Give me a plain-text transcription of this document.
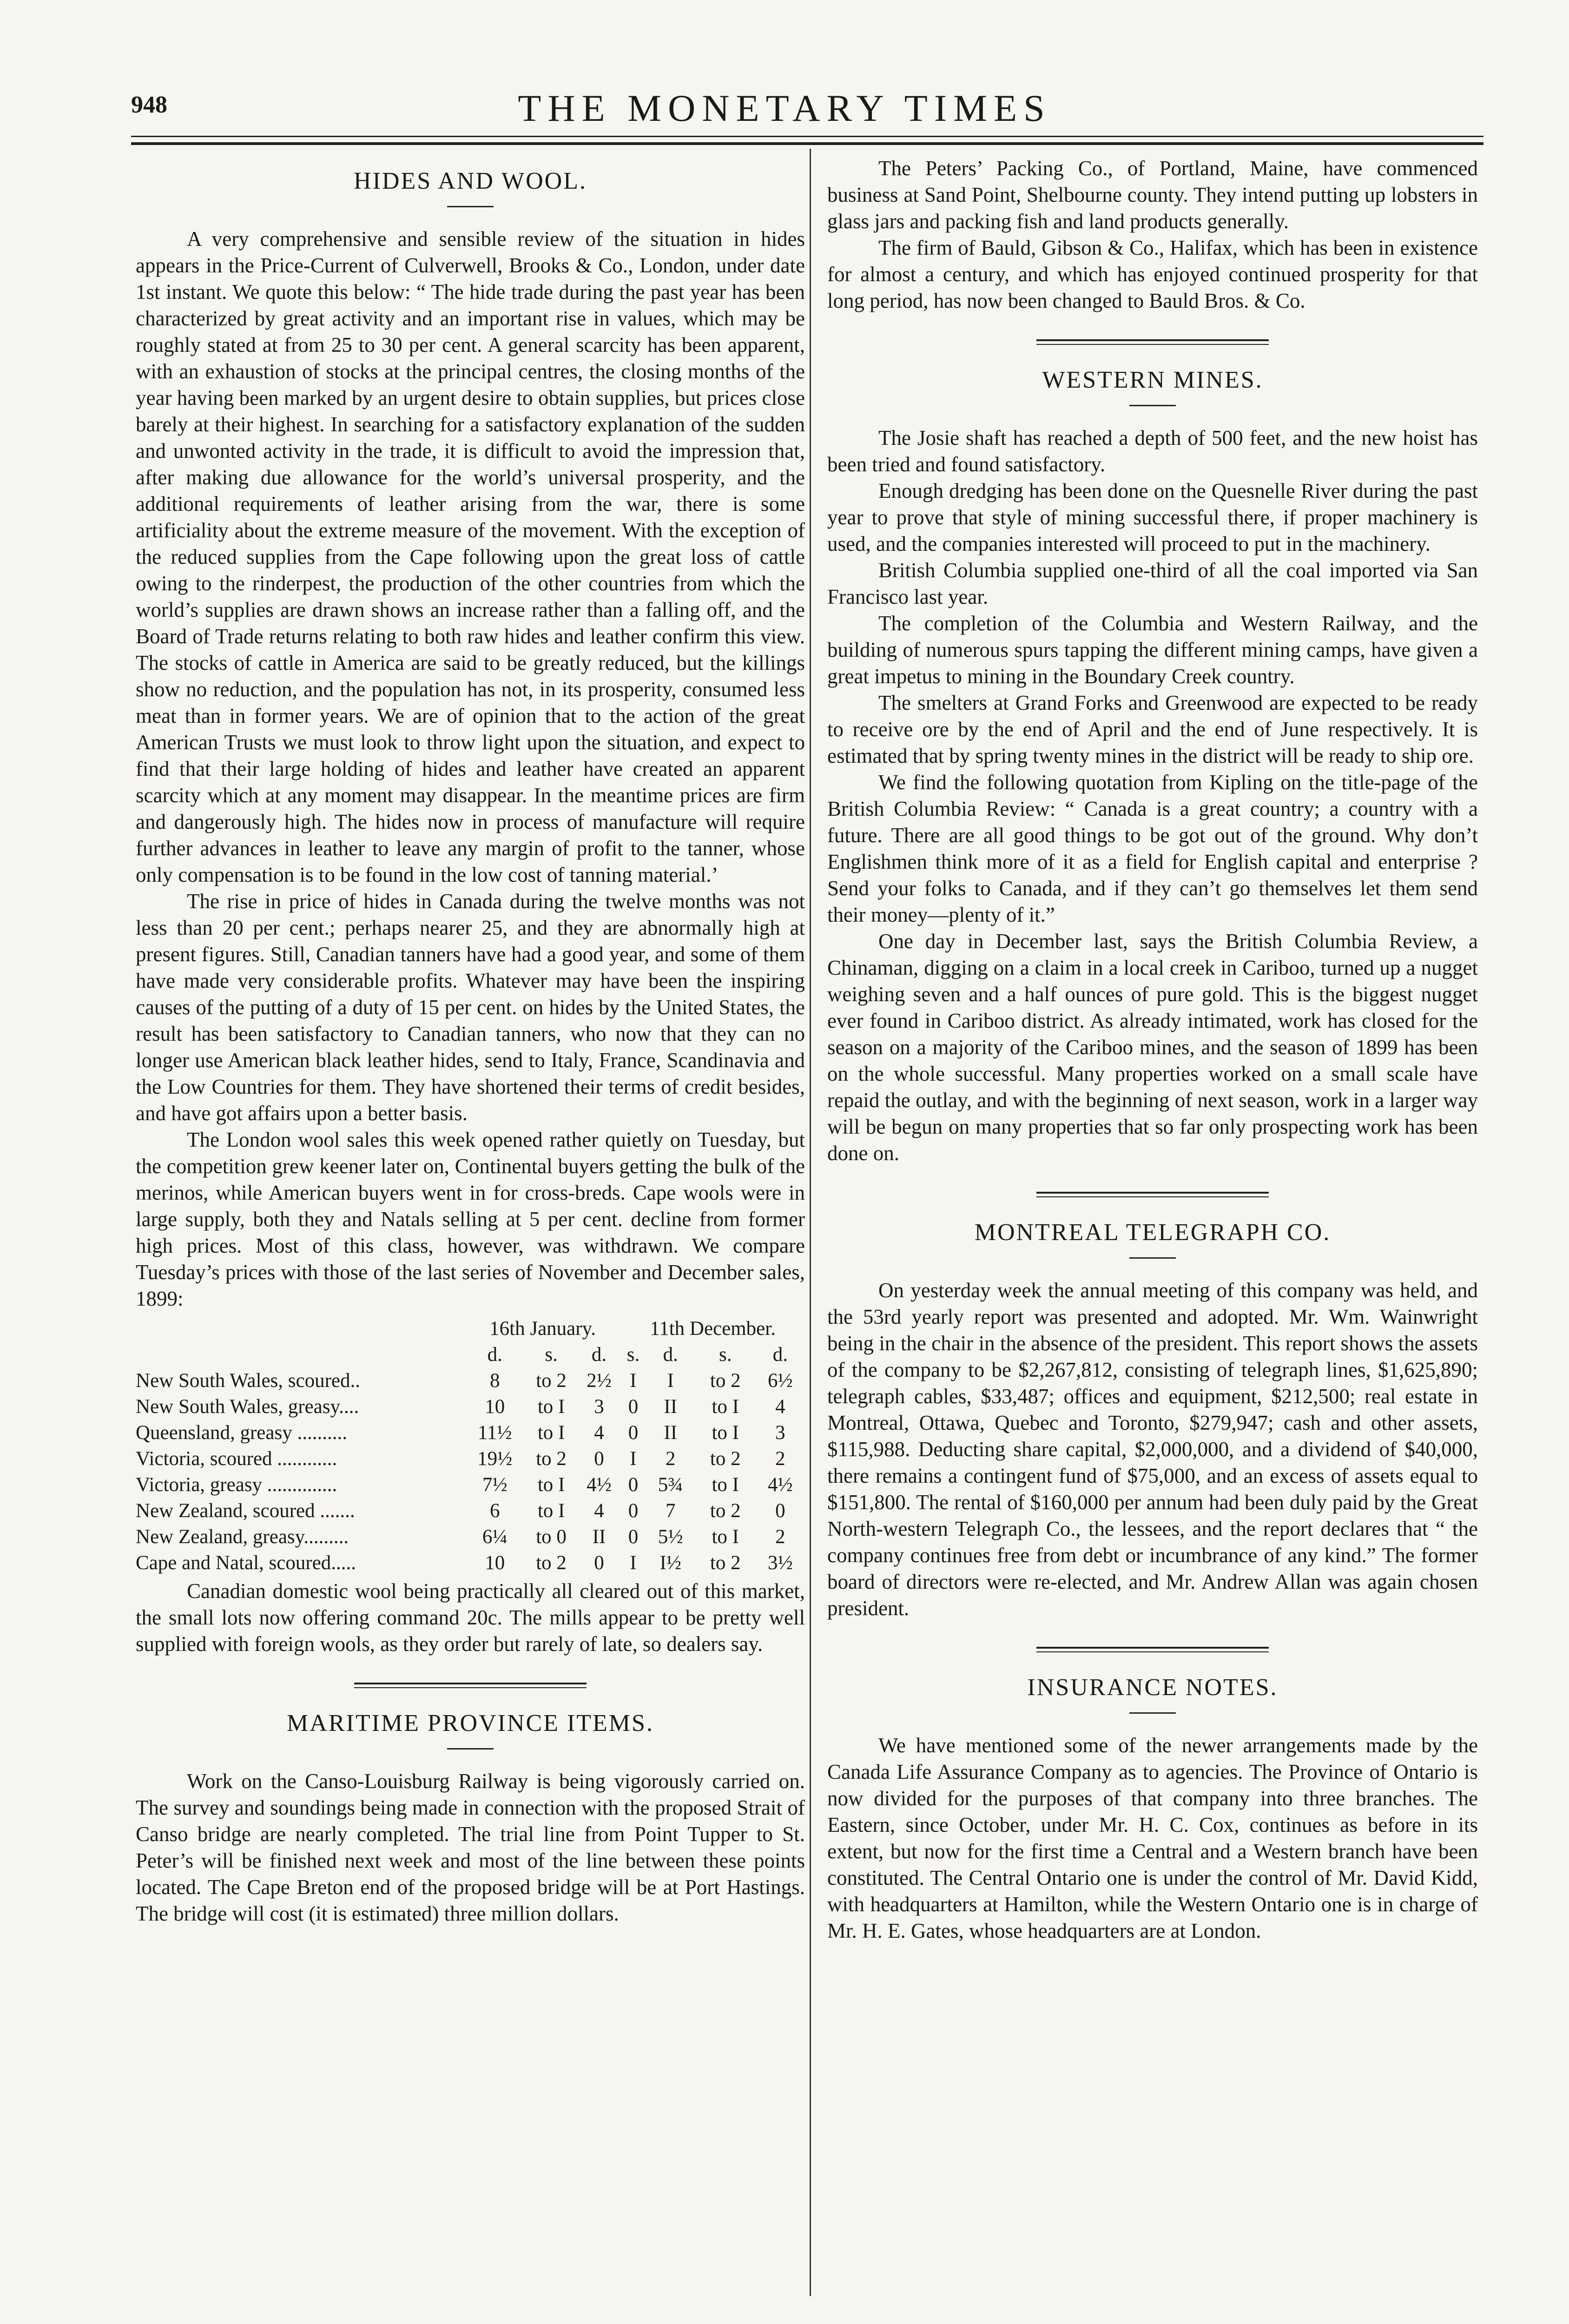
948	THE MONETARY TIMES
HIDES AND WOOL.

A very comprehensive and sensible review of the situation in hides appears in the Price-Current of Culverwell, Brooks & Co., London, under date 1st instant. We quote this below: “ The hide trade during the past year has been characterized by great activity and an important rise in values, which may be roughly stated at from 25 to 30 per cent. A general scarcity has been apparent, with an exhaustion of stocks at the principal centres, the closing months of the year having been marked by an urgent desire to obtain supplies, but prices close barely at their highest. In searching for a satisfactory explanation of the sudden and unwonted activity in the trade, it is difficult to avoid the impression that, after making due allowance for the world’s universal prosperity, and the additional requirements of leather arising from the war, there is some artificiality about the extreme measure of the movement. With the exception of the reduced supplies from the Cape following upon the great loss of cattle owing to the rinderpest, the production of the other countries from which the world’s supplies are drawn shows an increase rather than a falling off, and the Board of Trade returns relating to both raw hides and leather confirm this view. The stocks of cattle in America are said to be greatly reduced, but the killings show no reduction, and the population has not, in its prosperity, consumed less meat than in former years. We are of opinion that to the action of the great American Trusts we must look to throw light upon the situation, and expect to find that their large holding of hides and leather have created an apparent scarcity which at any moment may disappear. In the meantime prices are firm and dangerously high. The hides now in process of manufacture will require further advances in leather to leave any margin of profit to the tanner, whose only compensation is to be found in the low cost of tanning material.’

The rise in price of hides in Canada during the twelve months was not less than 20 per cent.; perhaps nearer 25, and they are abnormally high at present figures. Still, Canadian tanners have had a good year, and some of them have made very considerable profits. Whatever may have been the inspiring causes of the putting of a duty of 15 per cent. on hides by the United States, the result has been satisfactory to Canadian tanners, who now that they can no longer use American black leather hides, send to Italy, France, Scandinavia and the Low Countries for them. They have shortened their terms of credit besides, and have got affairs upon a better basis.

The London wool sales this week opened rather quietly on Tuesday, but the competition grew keener later on, Continental buyers getting the bulk of the merinos, while American buyers went in for cross-breds. Cape wools were in large supply, both they and Natals selling at 5 per cent. decline from former high prices. Most of this class, however, was withdrawn. We compare Tuesday’s prices with those of the last series of November and December sales, 1899:

	16th January.			11th December.			
	d.	s.	d.	s.	d.	s.	d.
New South Wales, scoured..	8	to 2	2½	I	I	to 2	6½
New South Wales, greasy....	10	to I	3	0	II	to I	4
Queensland, greasy ..........	11½	to I	4	0	II	to I	3
Victoria, scoured ............	19½	to 2	0	I	2	to 2	2
Victoria, greasy ..............	7½	to I	4½	0	5¾	to I	4½
New Zealand, scoured .......	6	to I	4	0	7	to 2	0
New Zealand, greasy.........	6¼	to 0	II	0	5½	to I	2
Cape and Natal, scoured.....	10	to 2	0	I	I½	to 2	3½

Canadian domestic wool being practically all cleared out of this market, the small lots now offering command 20c. The mills appear to be pretty well supplied with foreign wools, as they order but rarely of late, so dealers say.

MARITIME PROVINCE ITEMS.

Work on the Canso-Louisburg Railway is being vigorously carried on. The survey and soundings being made in connection with the proposed Strait of Canso bridge are nearly completed. The trial line from Point Tupper to St. Peter’s will be finished next week and most of the line between these points located. The Cape Breton end of the proposed bridge will be at Port Hastings. The bridge will cost (it is estimated) three million dollars.

The Peters’ Packing Co., of Portland, Maine, have commenced business at Sand Point, Shelbourne county. They intend putting up lobsters in glass jars and packing fish and land products generally.

The firm of Bauld, Gibson & Co., Halifax, which has been in existence for almost a century, and which has enjoyed continued prosperity for that long period, has now been changed to Bauld Bros. & Co.

WESTERN MINES.

The Josie shaft has reached a depth of 500 feet, and the new hoist has been tried and found satisfactory.

Enough dredging has been done on the Quesnelle River during the past year to prove that style of mining successful there, if proper machinery is used, and the companies interested will proceed to put in the machinery.

British Columbia supplied one-third of all the coal imported via San Francisco last year.

The completion of the Columbia and Western Railway, and the building of numerous spurs tapping the different mining camps, have given a great impetus to mining in the Boundary Creek country.

The smelters at Grand Forks and Greenwood are expected to be ready to receive ore by the end of April and the end of June respectively. It is estimated that by spring twenty mines in the district will be ready to ship ore.

We find the following quotation from Kipling on the title-page of the British Columbia Review: “ Canada is a great country; a country with a future. There are all good things to be got out of the ground. Why don’t Englishmen think more of it as a field for English capital and enterprise ? Send your folks to Canada, and if they can’t go themselves let them send their money—plenty of it.”

One day in December last, says the British Columbia Review, a Chinaman, digging on a claim in a local creek in Cariboo, turned up a nugget weighing seven and a half ounces of pure gold. This is the biggest nugget ever found in Cariboo district. As already intimated, work has closed for the season on a majority of the Cariboo mines, and the season of 1899 has been on the whole successful. Many properties worked on a small scale have repaid the outlay, and with the beginning of next season, work in a larger way will be begun on many properties that so far only prospecting work has been done on.

MONTREAL TELEGRAPH CO.

On yesterday week the annual meeting of this company was held, and the 53rd yearly report was presented and adopted. Mr. Wm. Wainwright being in the chair in the absence of the president. This report shows the assets of the company to be $2,267,812, consisting of telegraph lines, $1,625,890; telegraph cables, $33,487; offices and equipment, $212,500; real estate in Montreal, Ottawa, Quebec and Toronto, $279,947; cash and other assets, $115,988. Deducting share capital, $2,000,000, and a dividend of $40,000, there remains a contingent fund of $75,000, and an excess of assets equal to $151,800. The rental of $160,000 per annum had been duly paid by the Great North-western Telegraph Co., the lessees, and the report declares that “ the company continues free from debt or incumbrance of any kind.” The former board of directors were re-elected, and Mr. Andrew Allan was again chosen president.

INSURANCE NOTES.

We have mentioned some of the newer arrangements made by the Canada Life Assurance Company as to agencies. The Province of Ontario is now divided for the purposes of that company into three branches. The Eastern, since October, under Mr. H. C. Cox, continues as before in its extent, but now for the first time a Central and a Western branch have been constituted. The Central Ontario one is under the control of Mr. David Kidd, with headquarters at Hamilton, while the Western Ontario one is in charge of Mr. H. E. Gates, whose headquarters are at London.
